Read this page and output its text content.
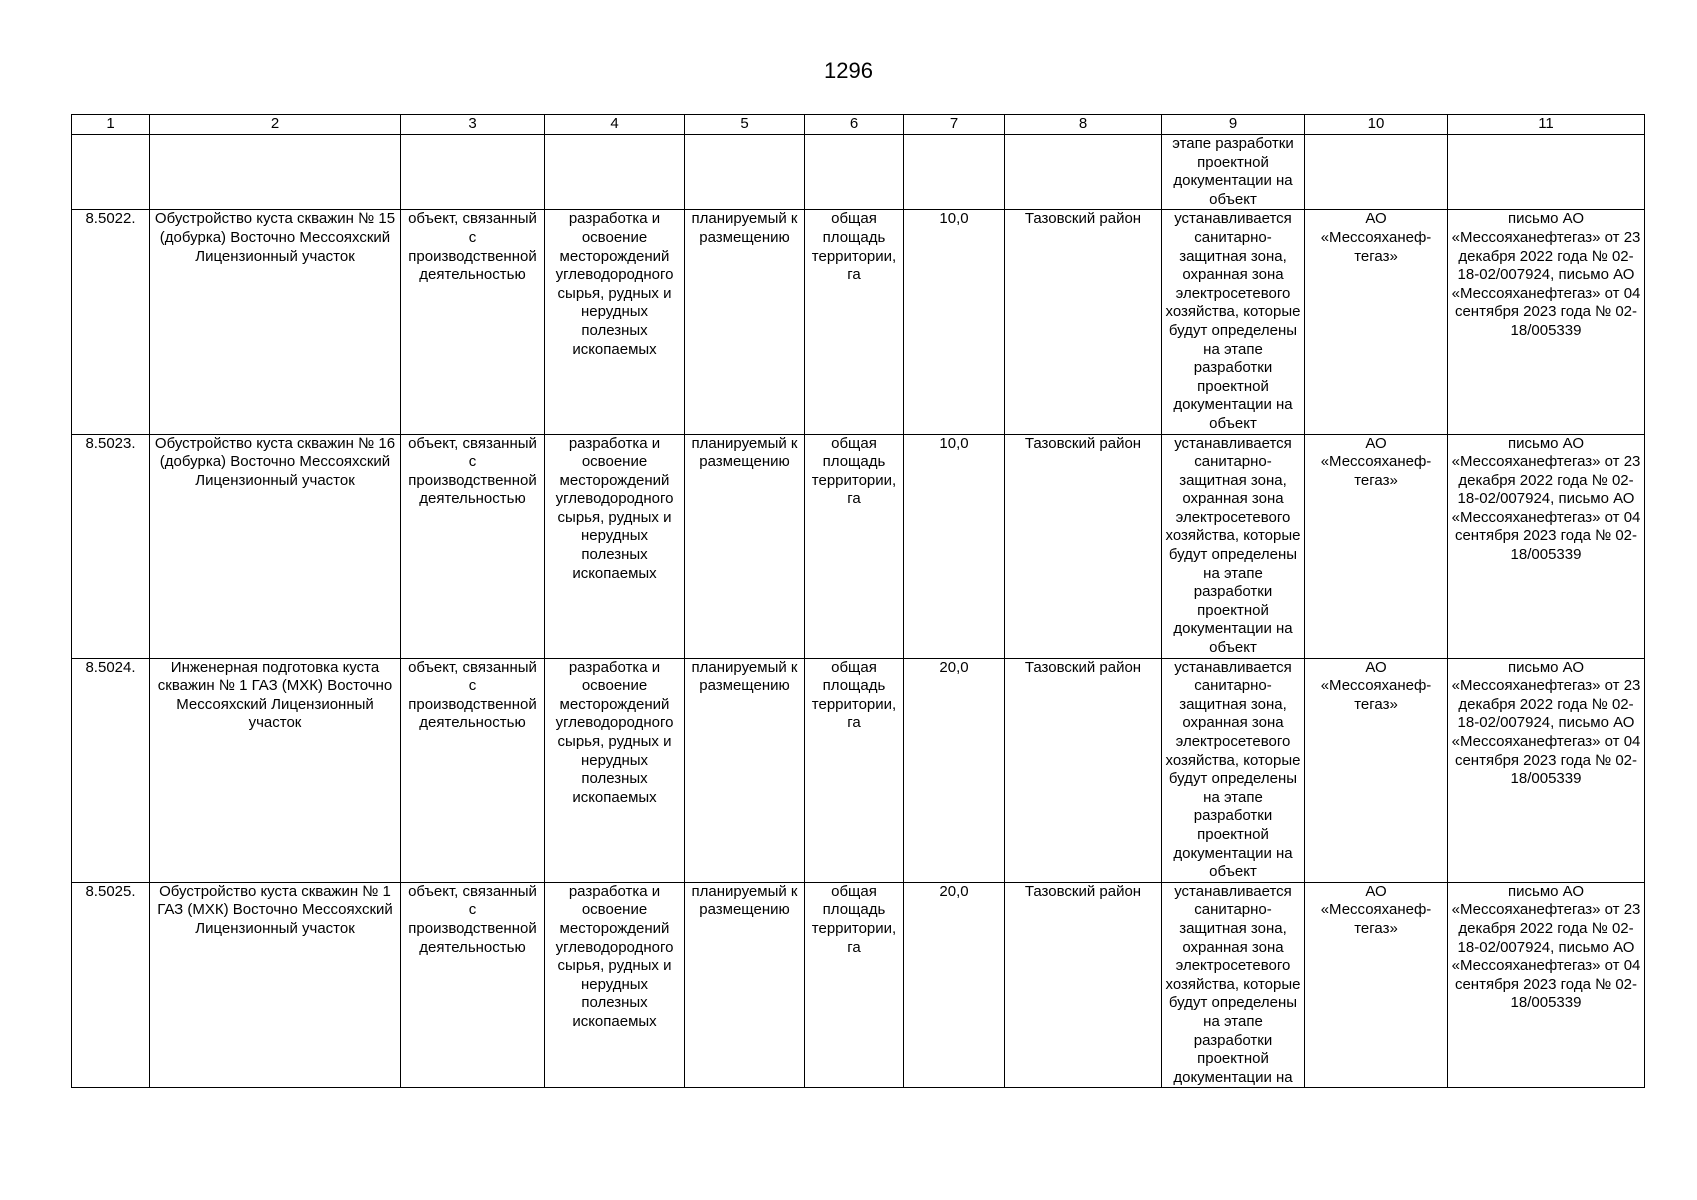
1296
1	2	3	4	5	6	7	8	9	10	11
								этапе разработки проектной документации на объект		
8.5022.	Обустройство куста скважин № 15 (добурка) Восточно Мессояхский Лицензионный участок	объект, связанный с производственной деятельностью	разработка и освоение месторождений углеводородного сырья, рудных и нерудных полезных ископаемых	планируемый к размещению	общая площадь территории, га	10,0	Тазовский район	устанавливается санитарно-защитная зона, охранная зона электросетевого хозяйства, которые будут определены на этапе разработки проектной документации на объект	АО «Мессояханеф-тегаз»	письмо АО «Мессояханефтегаз» от 23 декабря 2022 года № 02-18-02/007924, письмо АО «Мессояханефтегаз» от 04 сентября 2023 года № 02-18/005339
8.5023.	Обустройство куста скважин № 16 (добурка) Восточно Мессояхский Лицензионный участок	объект, связанный с производственной деятельностью	разработка и освоение месторождений углеводородного сырья, рудных и нерудных полезных ископаемых	планируемый к размещению	общая площадь территории, га	10,0	Тазовский район	устанавливается санитарно-защитная зона, охранная зона электросетевого хозяйства, которые будут определены на этапе разработки проектной документации на объект	АО «Мессояханеф-тегаз»	письмо АО «Мессояханефтегаз» от 23 декабря 2022 года № 02-18-02/007924, письмо АО «Мессояханефтегаз» от 04 сентября 2023 года № 02-18/005339
8.5024.	Инженерная подготовка куста скважин № 1 ГАЗ (МХК) Восточно Мессояхский Лицензионный участок	объект, связанный с производственной деятельностью	разработка и освоение месторождений углеводородного сырья, рудных и нерудных полезных ископаемых	планируемый к размещению	общая площадь территории, га	20,0	Тазовский район	устанавливается санитарно-защитная зона, охранная зона электросетевого хозяйства, которые будут определены на этапе разработки проектной документации на объект	АО «Мессояханеф-тегаз»	письмо АО «Мессояханефтегаз» от 23 декабря 2022 года № 02-18-02/007924, письмо АО «Мессояханефтегаз» от 04 сентября 2023 года № 02-18/005339
8.5025.	Обустройство куста скважин № 1 ГАЗ (МХК) Восточно Мессояхский Лицензионный участок	объект, связанный с производственной деятельностью	разработка и освоение месторождений углеводородного сырья, рудных и нерудных полезных ископаемых	планируемый к размещению	общая площадь территории, га	20,0	Тазовский район	устанавливается санитарно-защитная зона, охранная зона электросетевого хозяйства, которые будут определены на этапе разработки проектной документации на	АО «Мессояханеф-тегаз»	письмо АО «Мессояханефтегаз» от 23 декабря 2022 года № 02-18-02/007924, письмо АО «Мессояханефтегаз» от 04 сентября 2023 года № 02-18/005339
